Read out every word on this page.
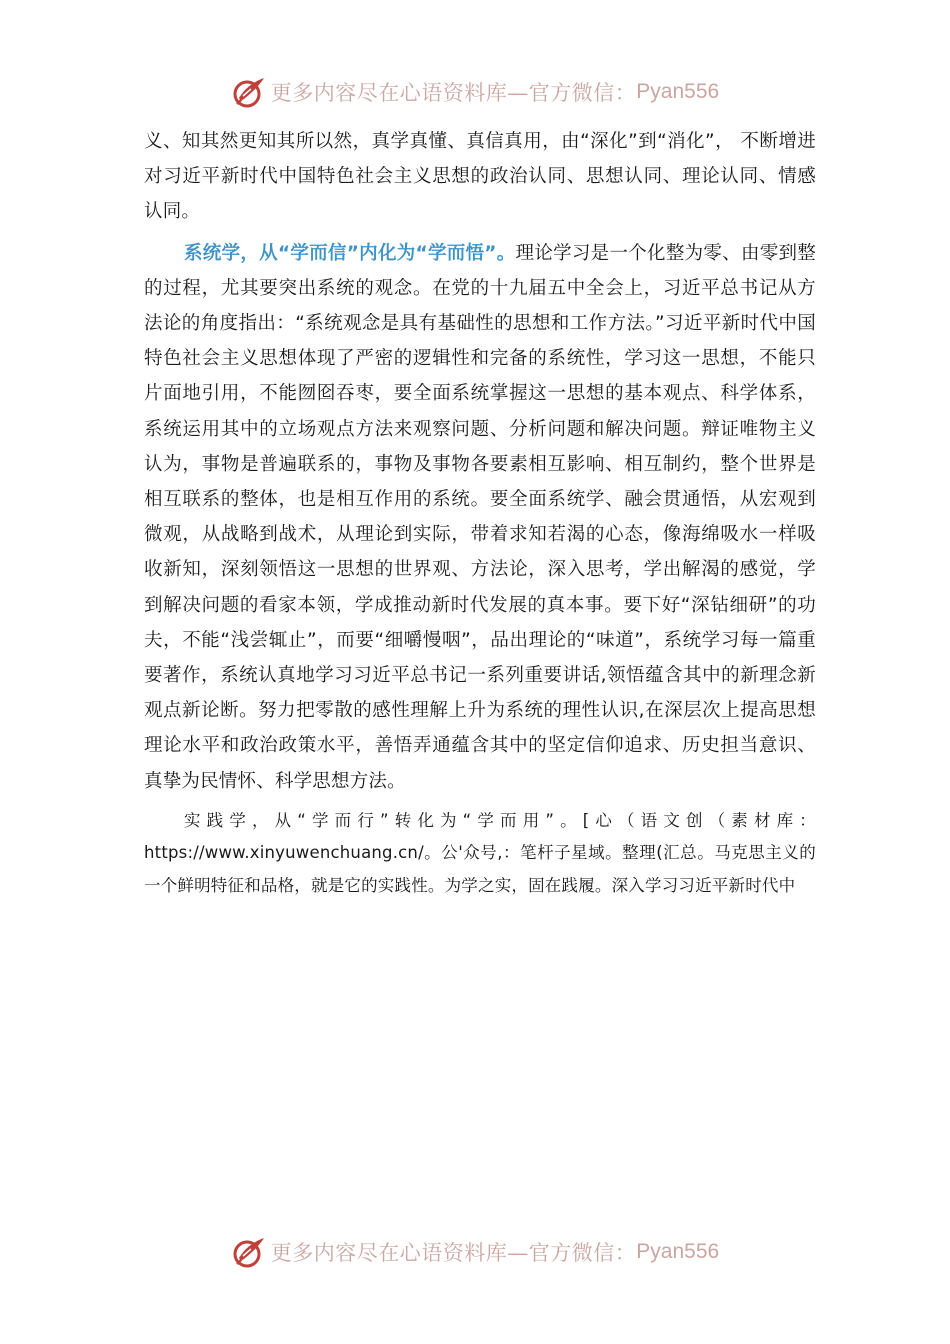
更多内容尽在心语资料库—官方微信： Pyan556

义、知其然更知其所以然，真学真懂、真信真用，由“深化”到“消化”， 不断增进对习近平新时代中国特色社会主义思想的政治认同、思想认同、理论认同、情感认同。

系统学，从“学而信”内化为“学而悟”。理论学习是一个化整为零、由零到整的过程，尤其要突出系统的观念。在党的十九届五中全会上，习近平总书记从方法论的角度指出：“系统观念是具有基础性的思想和工作方法。”习近平新时代中国特色社会主义思想体现了严密的逻辑性和完备的系统性，学习这一思想，不能只片面地引用，不能囫囵吞枣，要全面系统掌握这一思想的基本观点、科学体系，系统运用其中的立场观点方法来观察问题、分析问题和解决问题。辩证唯物主义认为，事物是普遍联系的，事物及事物各要素相互影响、相互制约，整个世界是相互联系的整体，也是相互作用的系统。要全面系统学、融会贯通悟，从宏观到微观，从战略到战术，从理论到实际，带着求知若渴的心态，像海绵吸水一样吸收新知，深刻领悟这一思想的世界观、方法论，深入思考，学出解渴的感觉，学到解决问题的看家本领，学成推动新时代发展的真本事。要下好“深钻细研”的功夫，不能“浅尝辄止”，而要“细嚼慢咽”，品出理论的“味道”，系统学习每一篇重要著作，系统认真地学习习近平总书记一系列重要讲话,领悟蕴含其中的新理念新观点新论断。努力把零散的感性理解上升为系统的理性认识,在深层次上提高思想理论水平和政治政策水平，善悟弄通蕴含其中的坚定信仰追求、历史担当意识、真挚为民情怀、科学思想方法。

实践学，从“学而行”转化为“学而用”。[心（语文创（素材库：https://www.xinyuwenchuang.cn/。公'众号,：笔杆子星域。整理(汇总。马克思主义的一个鲜明特征和品格，就是它的实践性。为学之实，固在践履。深入学习习近平新时代中

更多内容尽在心语资料库—官方微信： Pyan556
